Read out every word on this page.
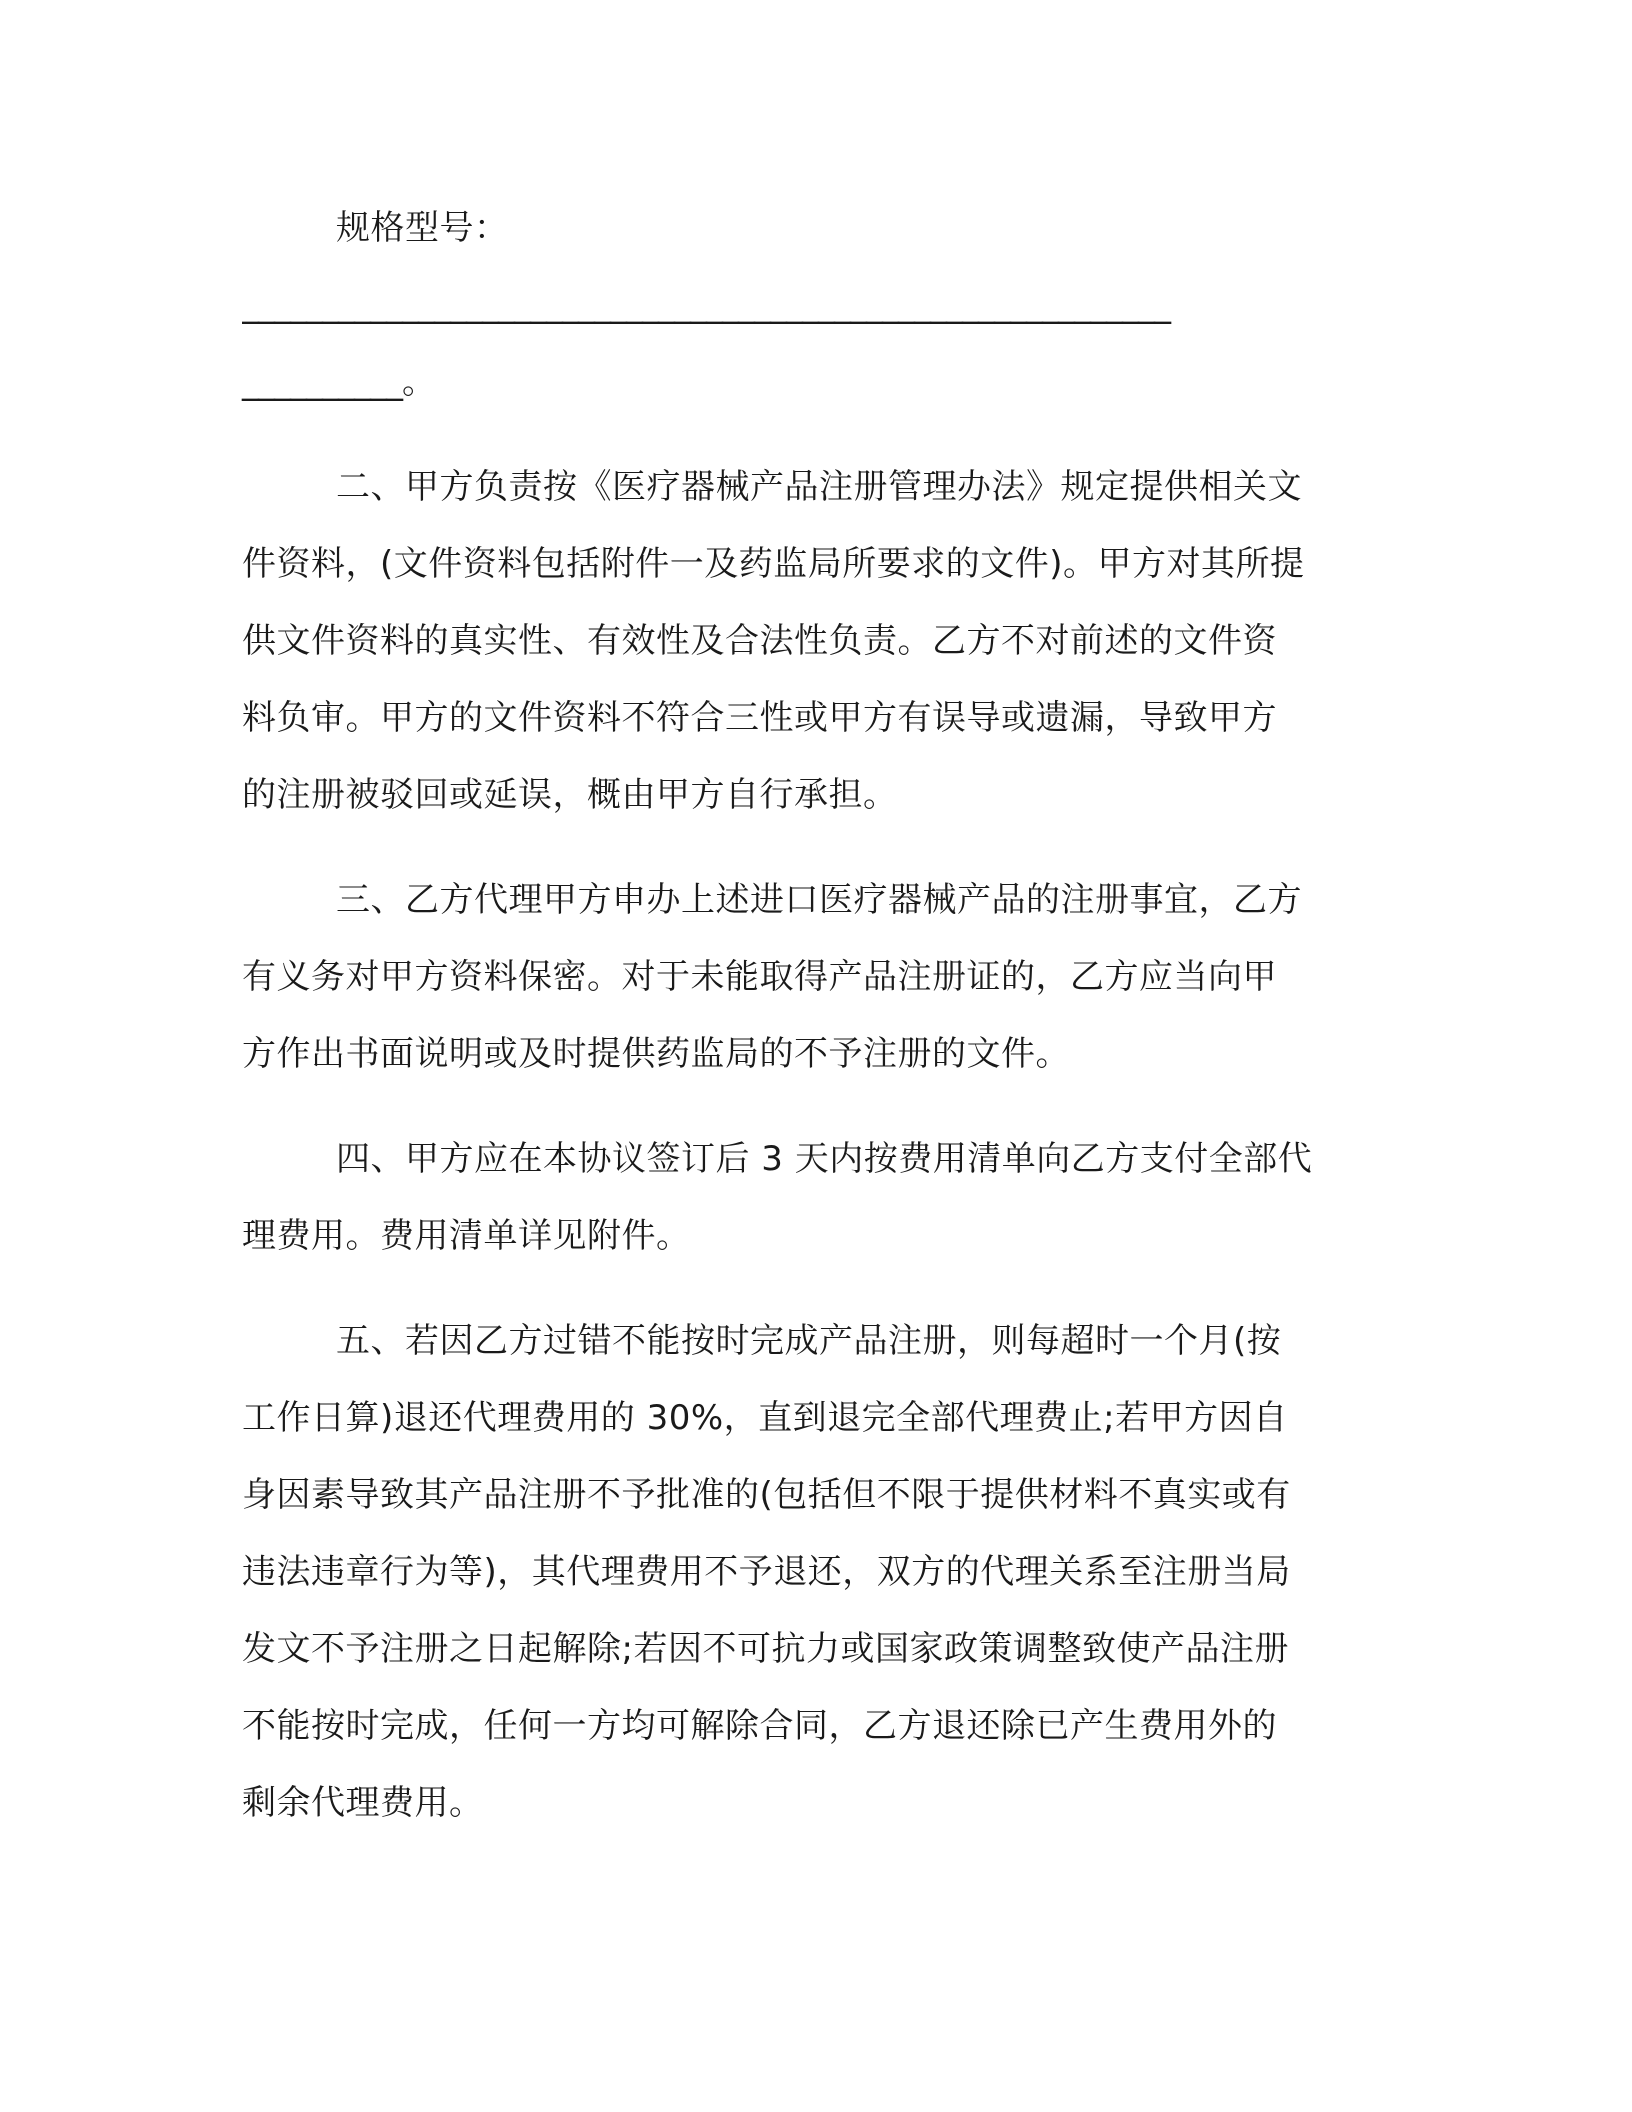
规格型号：
__________________________________________________________
__________。
二、甲方负责按《医疗器械产品注册管理办法》规定提供相关文
件资料，(文件资料包括附件一及药监局所要求的文件)。甲方对其所提
供文件资料的真实性、有效性及合法性负责。乙方不对前述的文件资
料负审。甲方的文件资料不符合三性或甲方有误导或遗漏，导致甲方
的注册被驳回或延误，概由甲方自行承担。
三、乙方代理甲方申办上述进口医疗器械产品的注册事宜，乙方
有义务对甲方资料保密。对于未能取得产品注册证的，乙方应当向甲
方作出书面说明或及时提供药监局的不予注册的文件。
四、甲方应在本协议签订后 3 天内按费用清单向乙方支付全部代
理费用。费用清单详见附件。
五、若因乙方过错不能按时完成产品注册，则每超时一个月(按
工作日算)退还代理费用的 30%，直到退完全部代理费止;若甲方因自
身因素导致其产品注册不予批准的(包括但不限于提供材料不真实或有
违法违章行为等)，其代理费用不予退还，双方的代理关系至注册当局
发文不予注册之日起解除;若因不可抗力或国家政策调整致使产品注册
不能按时完成，任何一方均可解除合同，乙方退还除已产生费用外的
剩余代理费用。
